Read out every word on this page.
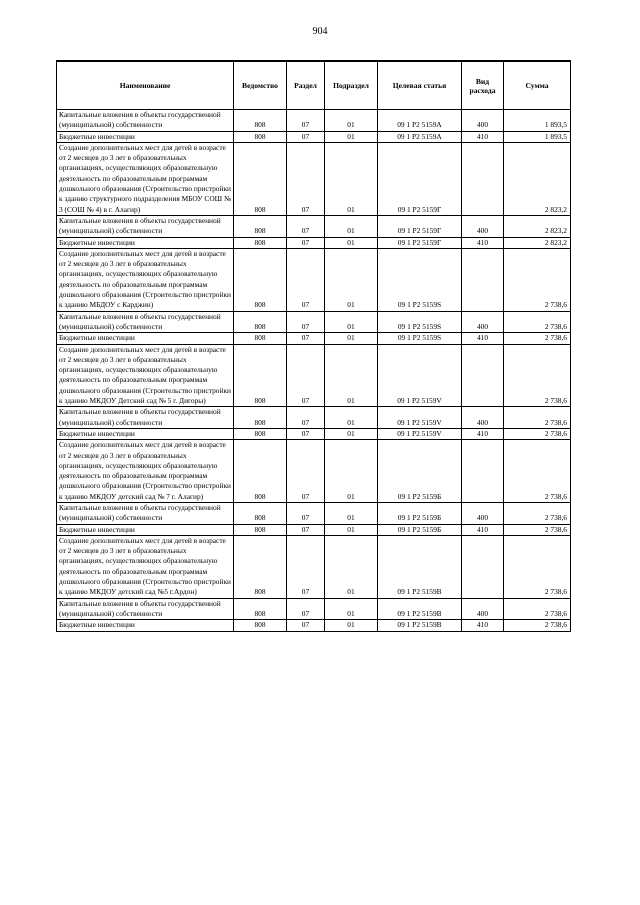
904
Наименование	Ведомство	Раздел	Подраздел	Целевая статья	Вид расхода	Сумма
Капитальные вложения в объекты государственной (муниципальной) собственности	808	07	01	09 1 Р2 5159А	400	1 893,5
Бюджетные инвестиции	808	07	01	09 1 Р2 5159А	410	1 893,5
Создание дополнительных мест для детей в возрасте от 2 месяцев до 3 лет в образовательных организациях, осуществляющих образовательную деятельность по образовательным программам дошкольного образования (Строительство пристройки к зданию структурного подразделения МБОУ СОШ № 3 (СОШ № 4) в г. Алагир)	808	07	01	09 1 Р2 5159Г		2 823,2
Капитальные вложения в объекты государственной (муниципальной) собственности	808	07	01	09 1 Р2 5159Г	400	2 823,2
Бюджетные инвестиции	808	07	01	09 1 Р2 5159Г	410	2 823,2
Создание дополнительных мест для детей в возрасте от 2 месяцев до 3 лет в образовательных организациях, осуществляющих образовательную деятельность по образовательным программам дошкольного образования (Строительство пристройки к зданию МБДОУ с Карджин)	808	07	01	09 1 Р2 5159S		2 738,6
Капитальные вложения в объекты государственной (муниципальной) собственности	808	07	01	09 1 Р2 5159S	400	2 738,6
Бюджетные инвестиции	808	07	01	09 1 Р2 5159S	410	2 738,6
Создание дополнительных мест для детей в возрасте от 2 месяцев до 3 лет в образовательных организациях, осуществляющих образовательную деятельность по образовательным программам дошкольного образования (Строительство пристройки к зданию МКДОУ Детский сад № 5 г. Дигоры)	808	07	01	09 1 Р2 5159V		2 738,6
Капитальные вложения в объекты государственной (муниципальной) собственности	808	07	01	09 1 Р2 5159V	400	2 738,6
Бюджетные инвестиции	808	07	01	09 1 Р2 5159V	410	2 738,6
Создание дополнительных мест для детей в возрасте от 2 месяцев до 3 лет в образовательных организациях, осуществляющих образовательную деятельность по образовательным программам дошкольного образования (Строительство пристройки к зданию МКДОУ детский сад № 7 г. Алагир)	808	07	01	09 1 Р2 5159Б		2 738,6
Капитальные вложения в объекты государственной (муниципальной) собственности	808	07	01	09 1 Р2 5159Б	400	2 738,6
Бюджетные инвестиции	808	07	01	09 1 Р2 5159Б	410	2 738,6
Создание дополнительных мест для детей в возрасте от 2 месяцев до 3 лет в образовательных организациях, осуществляющих образовательную деятельность по образовательным программам дошкольного образования (Строительство пристройки к зданию МКДОУ детский сад №5 г.Ардон)	808	07	01	09 1 Р2 5159В		2 738,6
Капитальные вложения в объекты государственной (муниципальной) собственности	808	07	01	09 1 Р2 5159В	400	2 738,6
Бюджетные инвестиции	808	07	01	09 1 Р2 5159В	410	2 738,6
